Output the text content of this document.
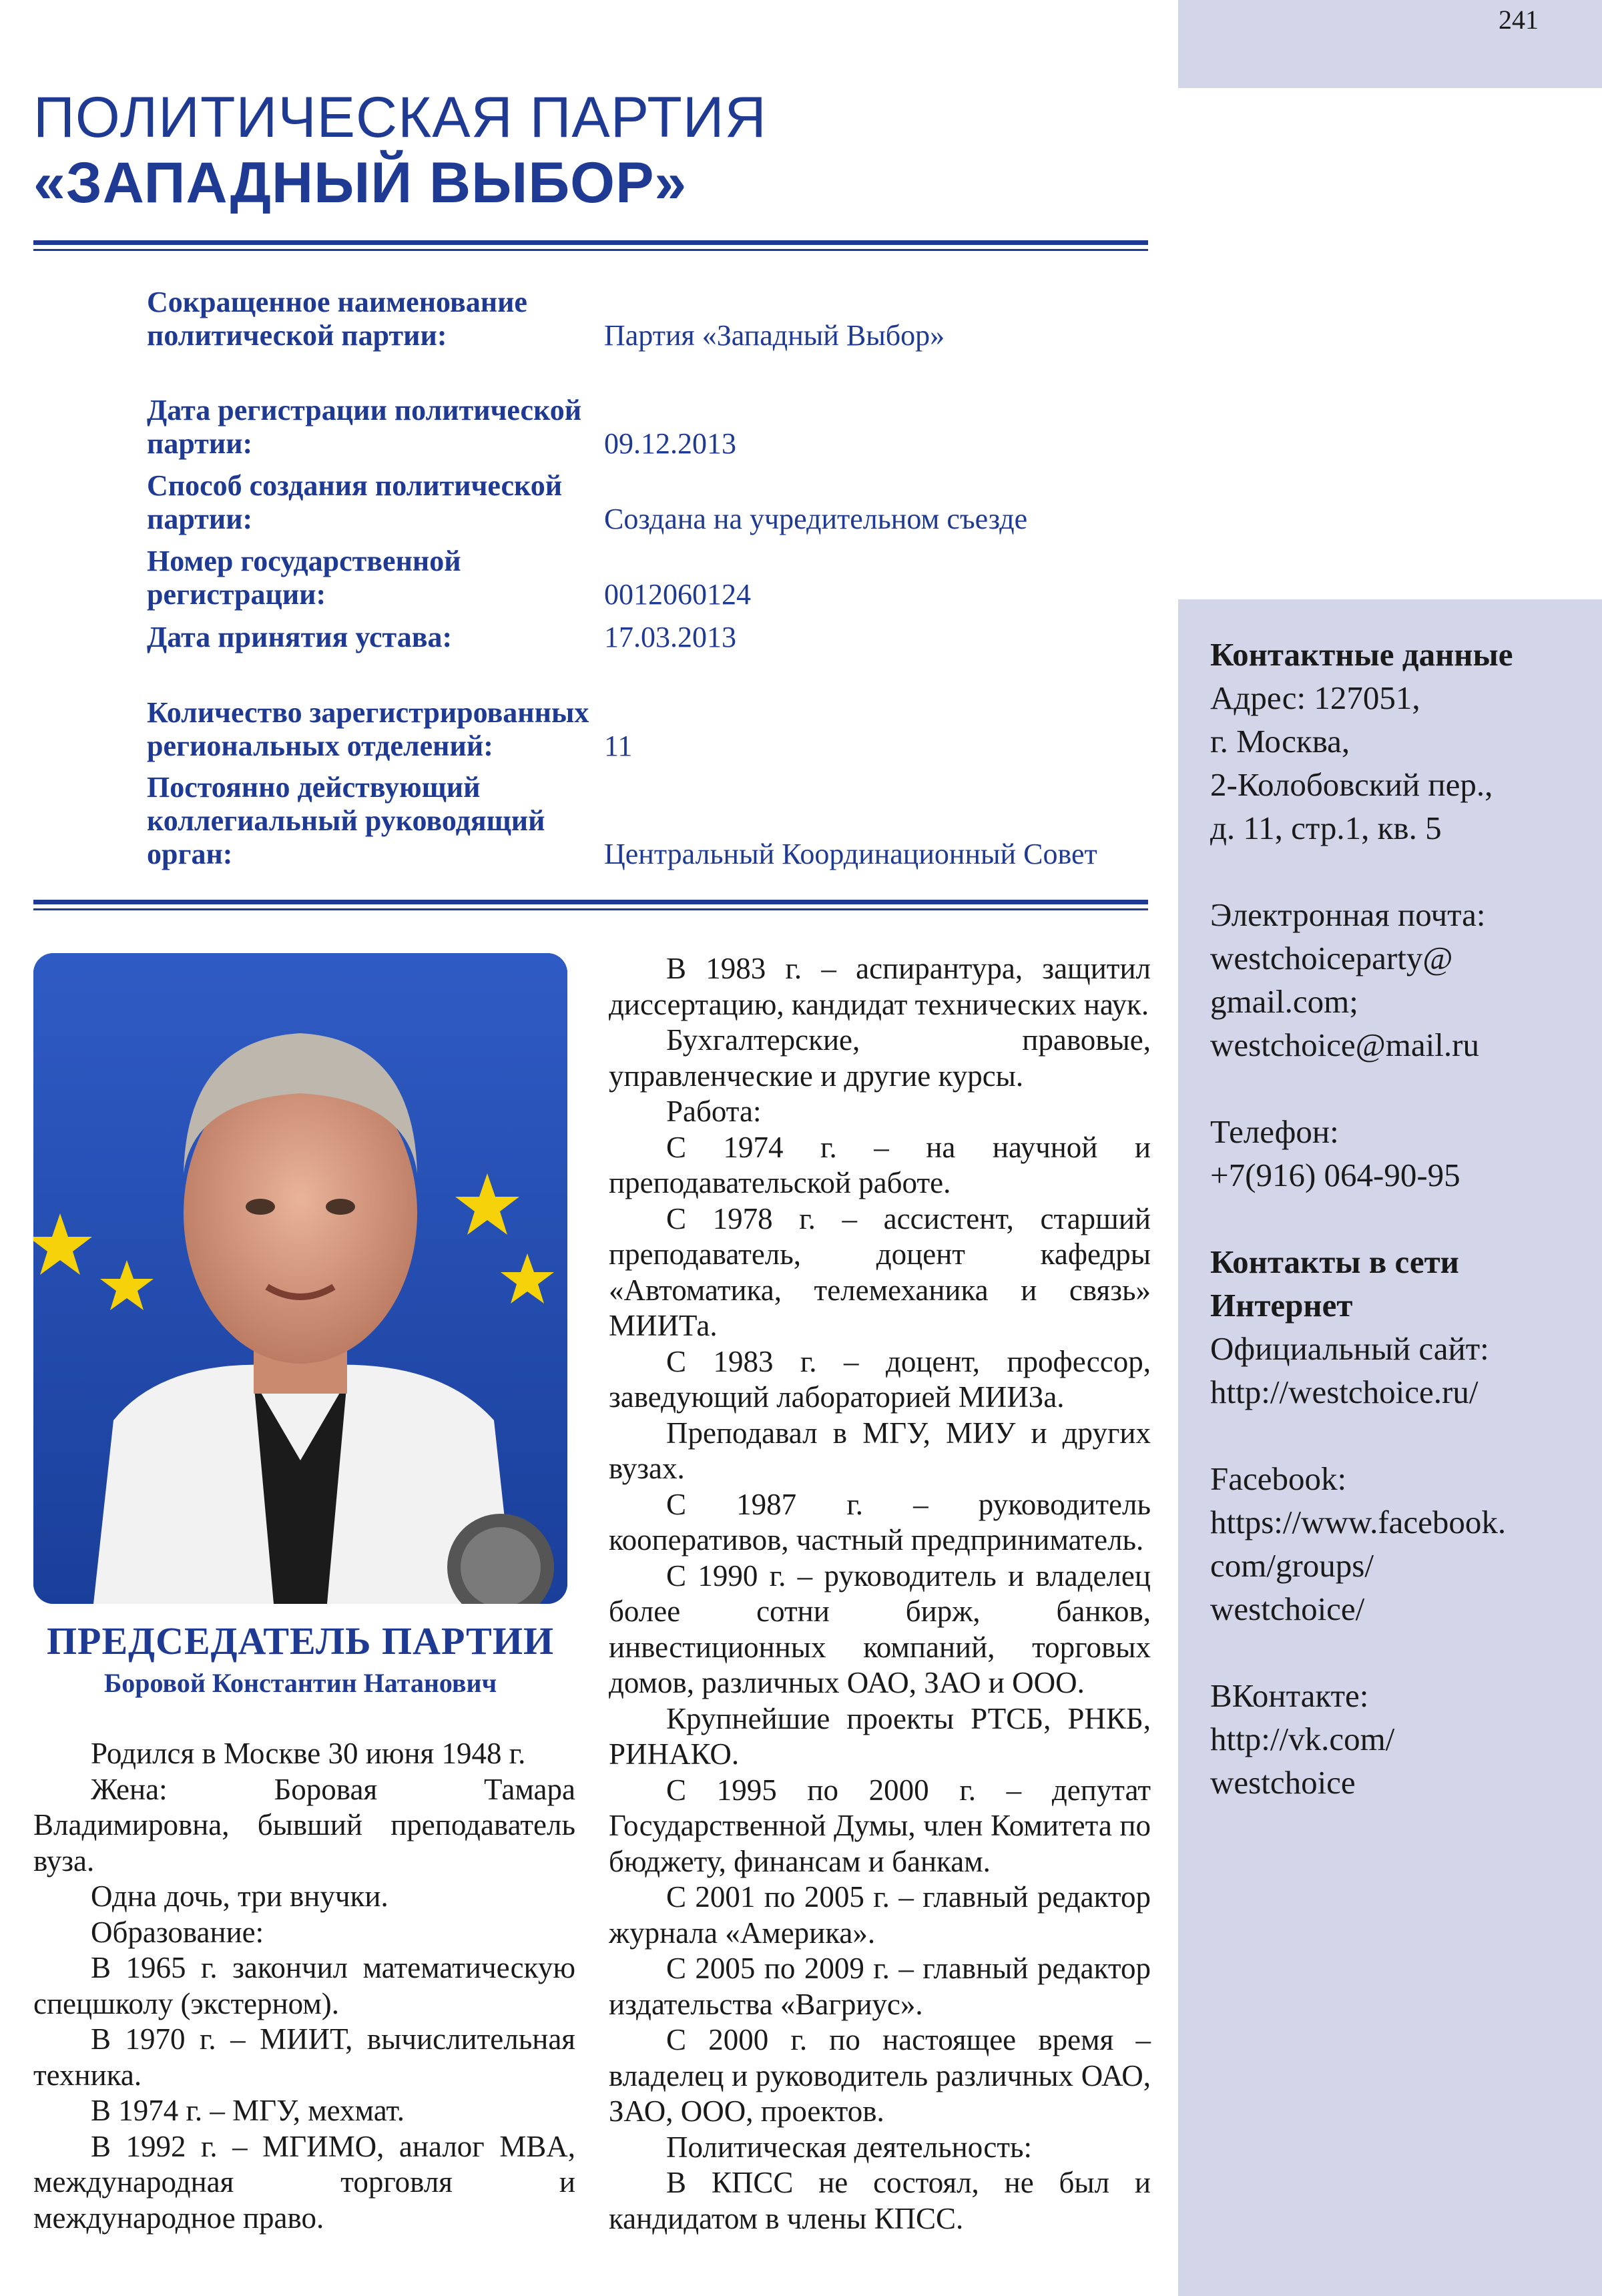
241
Контактные данные
Адрес: 127051,
г. Москва,
2-Колобовский пер.,
д. 11, стр.1, кв. 5
Электронная почта:
westchoiceparty@
gmail.com;
westchoice@mail.ru
Телефон:
+7(916) 064-90-95
Контакты в сети
Интернет
Официальный сайт:
http://westchoice.ru/
Facebook:
https://www.facebook.
com/groups/
westchoice/
ВКонтакте:
http://vk.com/
westchoice
ПОЛИТИЧЕСКАЯ ПАРТИЯ
«ЗАПАДНЫЙ ВЫБОР»
Сокращенное наименование политической партии:	Партия «Западный Выбор»
Дата регистрации политической партии:	09.12.2013
Способ создания политической партии:	Создана на учредительном съезде
Номер государственной регистрации:	0012060124
Дата принятия устава:	17.03.2013
Количество зарегистрированных региональных отделений:	11
Постоянно действующий коллегиальный руководящий орган:	Центральный Координационный Совет
ПРЕДСЕДАТЕЛЬ ПАРТИИ
Боровой Константин Натанович

Родился в Москве 30 июня 1948 г.

Жена: Боровая Тамара Владимировна, бывший преподаватель вуза.

Одна дочь, три внучки.

Образование:

В 1965 г. закончил математическую спецшколу (экстерном).

В 1970 г. – МИИТ, вычислительная техника.

В 1974 г. – МГУ, мехмат.

В 1992 г. – МГИМО, аналог MBA, международная торговля и международное право.

В 1983 г. – аспирантура, защитил диссертацию, кандидат технических наук.

Бухгалтерские, правовые, управленческие и другие курсы.

Работа:

С 1974 г. – на научной и преподавательской работе.

С 1978 г. – ассистент, старший преподаватель, доцент кафедры «Автоматика, телемеханика и связь» МИИТа.

С 1983 г. – доцент, профессор, заведующий лабораторией МИИЗа.

Преподавал в МГУ, МИУ и других вузах.

С 1987 г. – руководитель кооперативов, частный предприниматель.

С 1990 г. – руководитель и владелец более сотни бирж, банков, инвестиционных компаний, торговых домов, различных ОАО, ЗАО и ООО.

Крупнейшие проекты РТСБ, РНКБ, РИНАКО.

С 1995 по 2000 г. – депутат Государственной Думы, член Комитета по бюджету, финансам и банкам.

С 2001 по 2005 г. – главный редактор журнала «Америка».

С 2005 по 2009 г. – главный редактор издательства «Вагриус».

С 2000 г. по настоящее время – владелец и руководитель различных ОАО, ЗАО, ООО, проектов.

Политическая деятельность:

В КПСС не состоял, не был и кандидатом в члены КПСС.
